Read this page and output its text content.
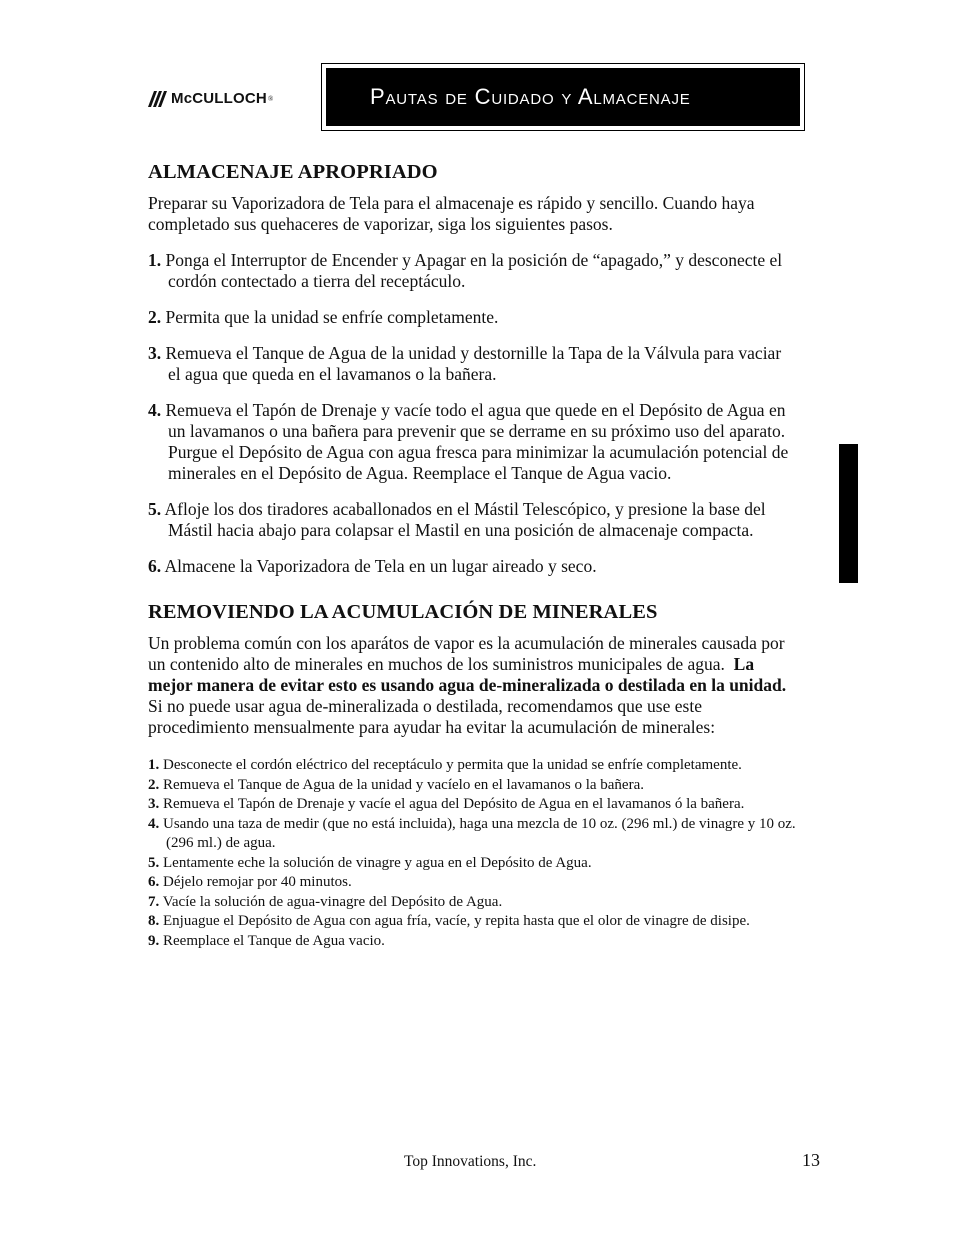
McCULLOCH ®	Pautas de Cuidado y Almacenaje
ALMACENAJE APROPRIADO

Preparar su Vaporizadora de Tela para el almacenaje es rápido y sencillo. Cuando haya completado sus quehaceres de vaporizar, siga los siguientes pasos.

1. Ponga el Interruptor de Encender y Apagar en la posición de “apagado,” y desconecte el cordón contectado a tierra del receptáculo.
2. Permita que la unidad se enfríe completamente.
3. Remueva el Tanque de Agua de la unidad y destornille la Tapa de la Válvula para vaciar el agua que queda en el lavamanos o la bañera.
4. Remueva el Tapón de Drenaje y vacíe todo el agua que quede en el Depósito de Agua en un lavamanos o una bañera para prevenir que se derrame en su próximo uso del aparato. Purgue el Depósito de Agua con agua fresca para minimizar la acumulación potencial de minerales en el Depósito de Agua. Reemplace el Tanque de Agua vacio.
5. Afloje los dos tiradores acaballonados en el Mástil Telescópico, y presione la base del Mástil hacia abajo para colapsar el Mastil en una posición de almacenaje compacta.
6. Almacene la Vaporizadora de Tela en un lugar aireado y seco.
REMOVIENDO LA ACUMULACIÓN DE MINERALES

Un problema común con los aparátos de vapor es la acumulación de minerales causada por un contenido alto de minerales en muchos de los suministros municipales de agua. La mejor manera de evitar esto es usando agua de-mineralizada o destilada en la unidad.  Si no puede usar agua de-mineralizada o destilada, recomendamos que use este procedimiento mensualmente para ayudar ha evitar la acumulación de minerales:

1. Desconecte el cordón eléctrico del receptáculo y permita que la unidad se enfríe completamente.
2. Remueva el Tanque de Agua de la unidad y vacíelo en el lavamanos o la bañera.
3. Remueva el Tapón de Drenaje y vacíe el agua del Depósito de Agua en el lavamanos ó la bañera.
4. Usando una taza de medir (que no está incluida), haga una mezcla de 10 oz. (296 ml.) de vinagre y 10 oz. (296 ml.) de agua.
5. Lentamente eche la solución de vinagre y agua en el Depósito de Agua.
6. Déjelo remojar por 40 minutos.
7. Vacíe la solución de agua-vinagre del Depósito de Agua.
8. Enjuague el Depósito de Agua con agua fría, vacíe, y repita hasta que el olor de vinagre de disipe.
9. Reemplace el Tanque de Agua vacio.
Top Innovations, Inc.	13
